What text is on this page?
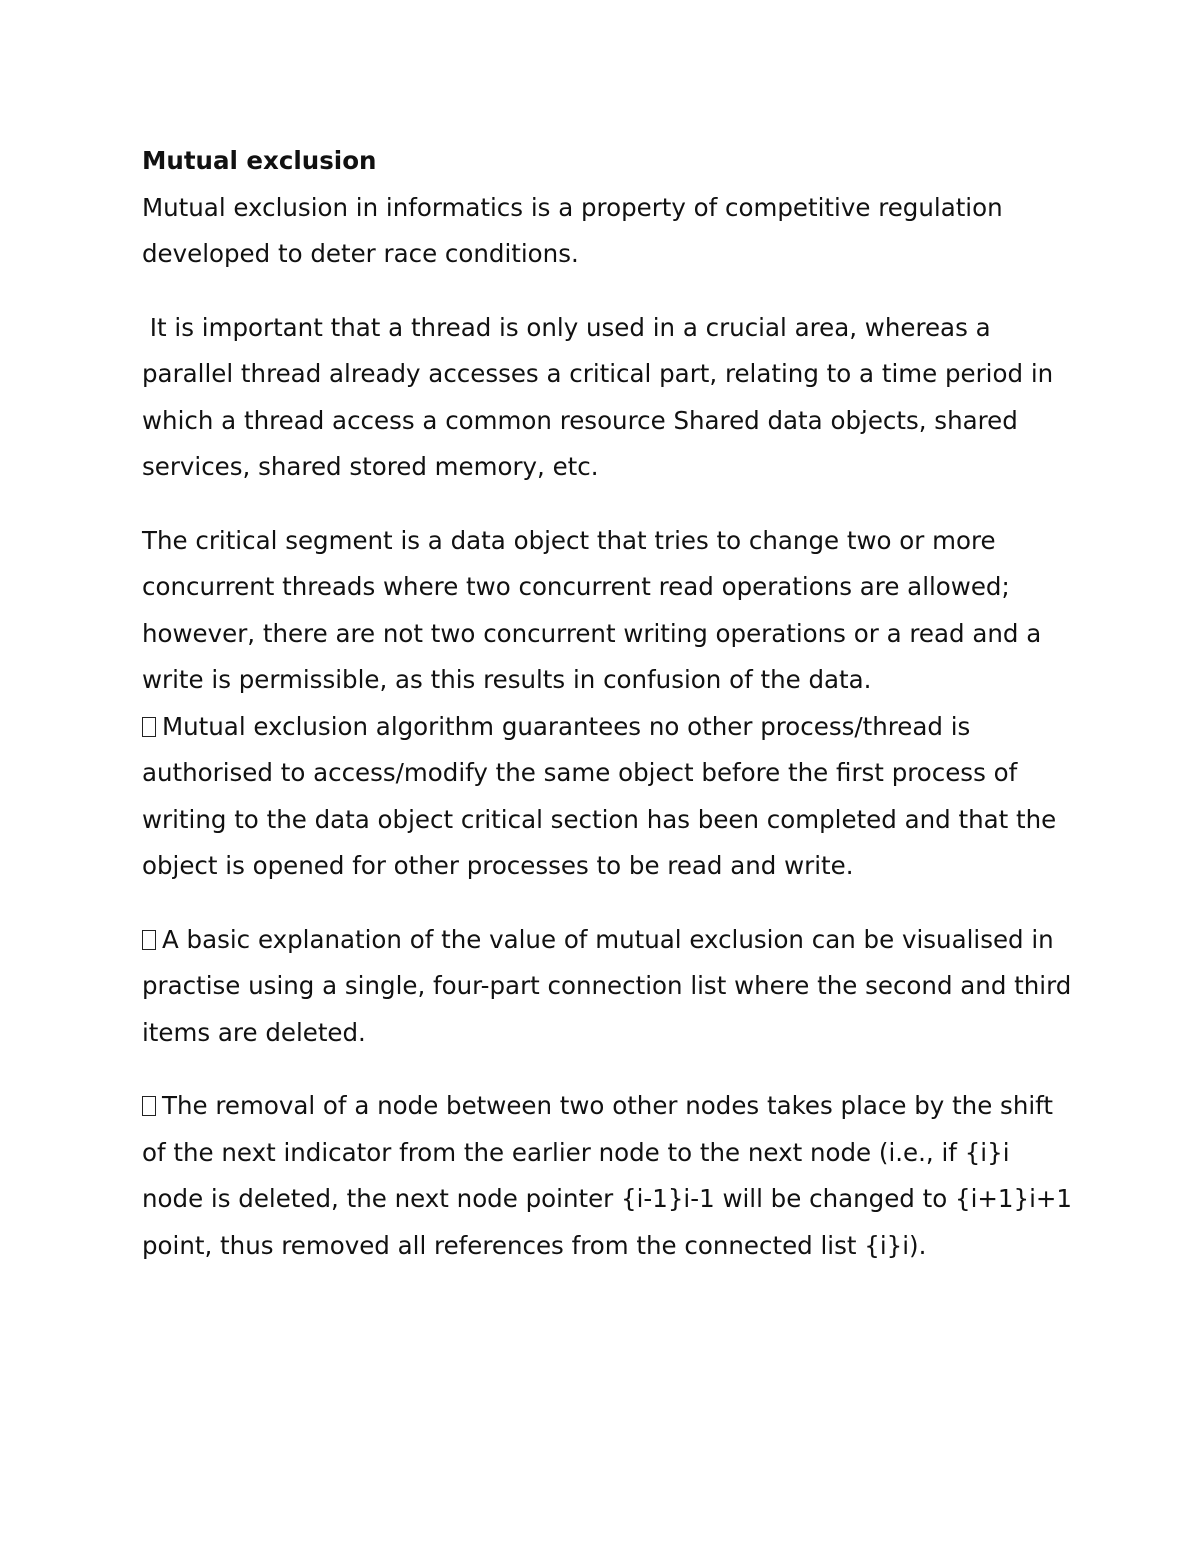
Mutual exclusion

Mutual exclusion in informatics is a property of competitive regulation developed to deter race conditions.

It is important that a thread is only used in a crucial area, whereas a parallel thread already accesses a critical part, relating to a time period in which a thread access a common resource Shared data objects, shared services, shared stored memory, etc.

The critical segment is a data object that tries to change two or more concurrent threads where two concurrent read operations are allowed; however, there are not two concurrent writing operations or a read and a write is permissible, as this results in confusion of the data.

Mutual exclusion algorithm guarantees no other process/thread is authorised to access/modify the same object before the first process of writing to the data object critical section has been completed and that the object is opened for other processes to be read and write.

A basic explanation of the value of mutual exclusion can be visualised in practise using a single, four-part connection list where the second and third items are deleted.

The removal of a node between two other nodes takes place by the shift of the next indicator from the earlier node to the next node (i.e., if {i}i node is deleted, the next node pointer {i-1}i-1 will be changed to {i+1}i+1 point, thus removed all references from the connected list {i}i).
